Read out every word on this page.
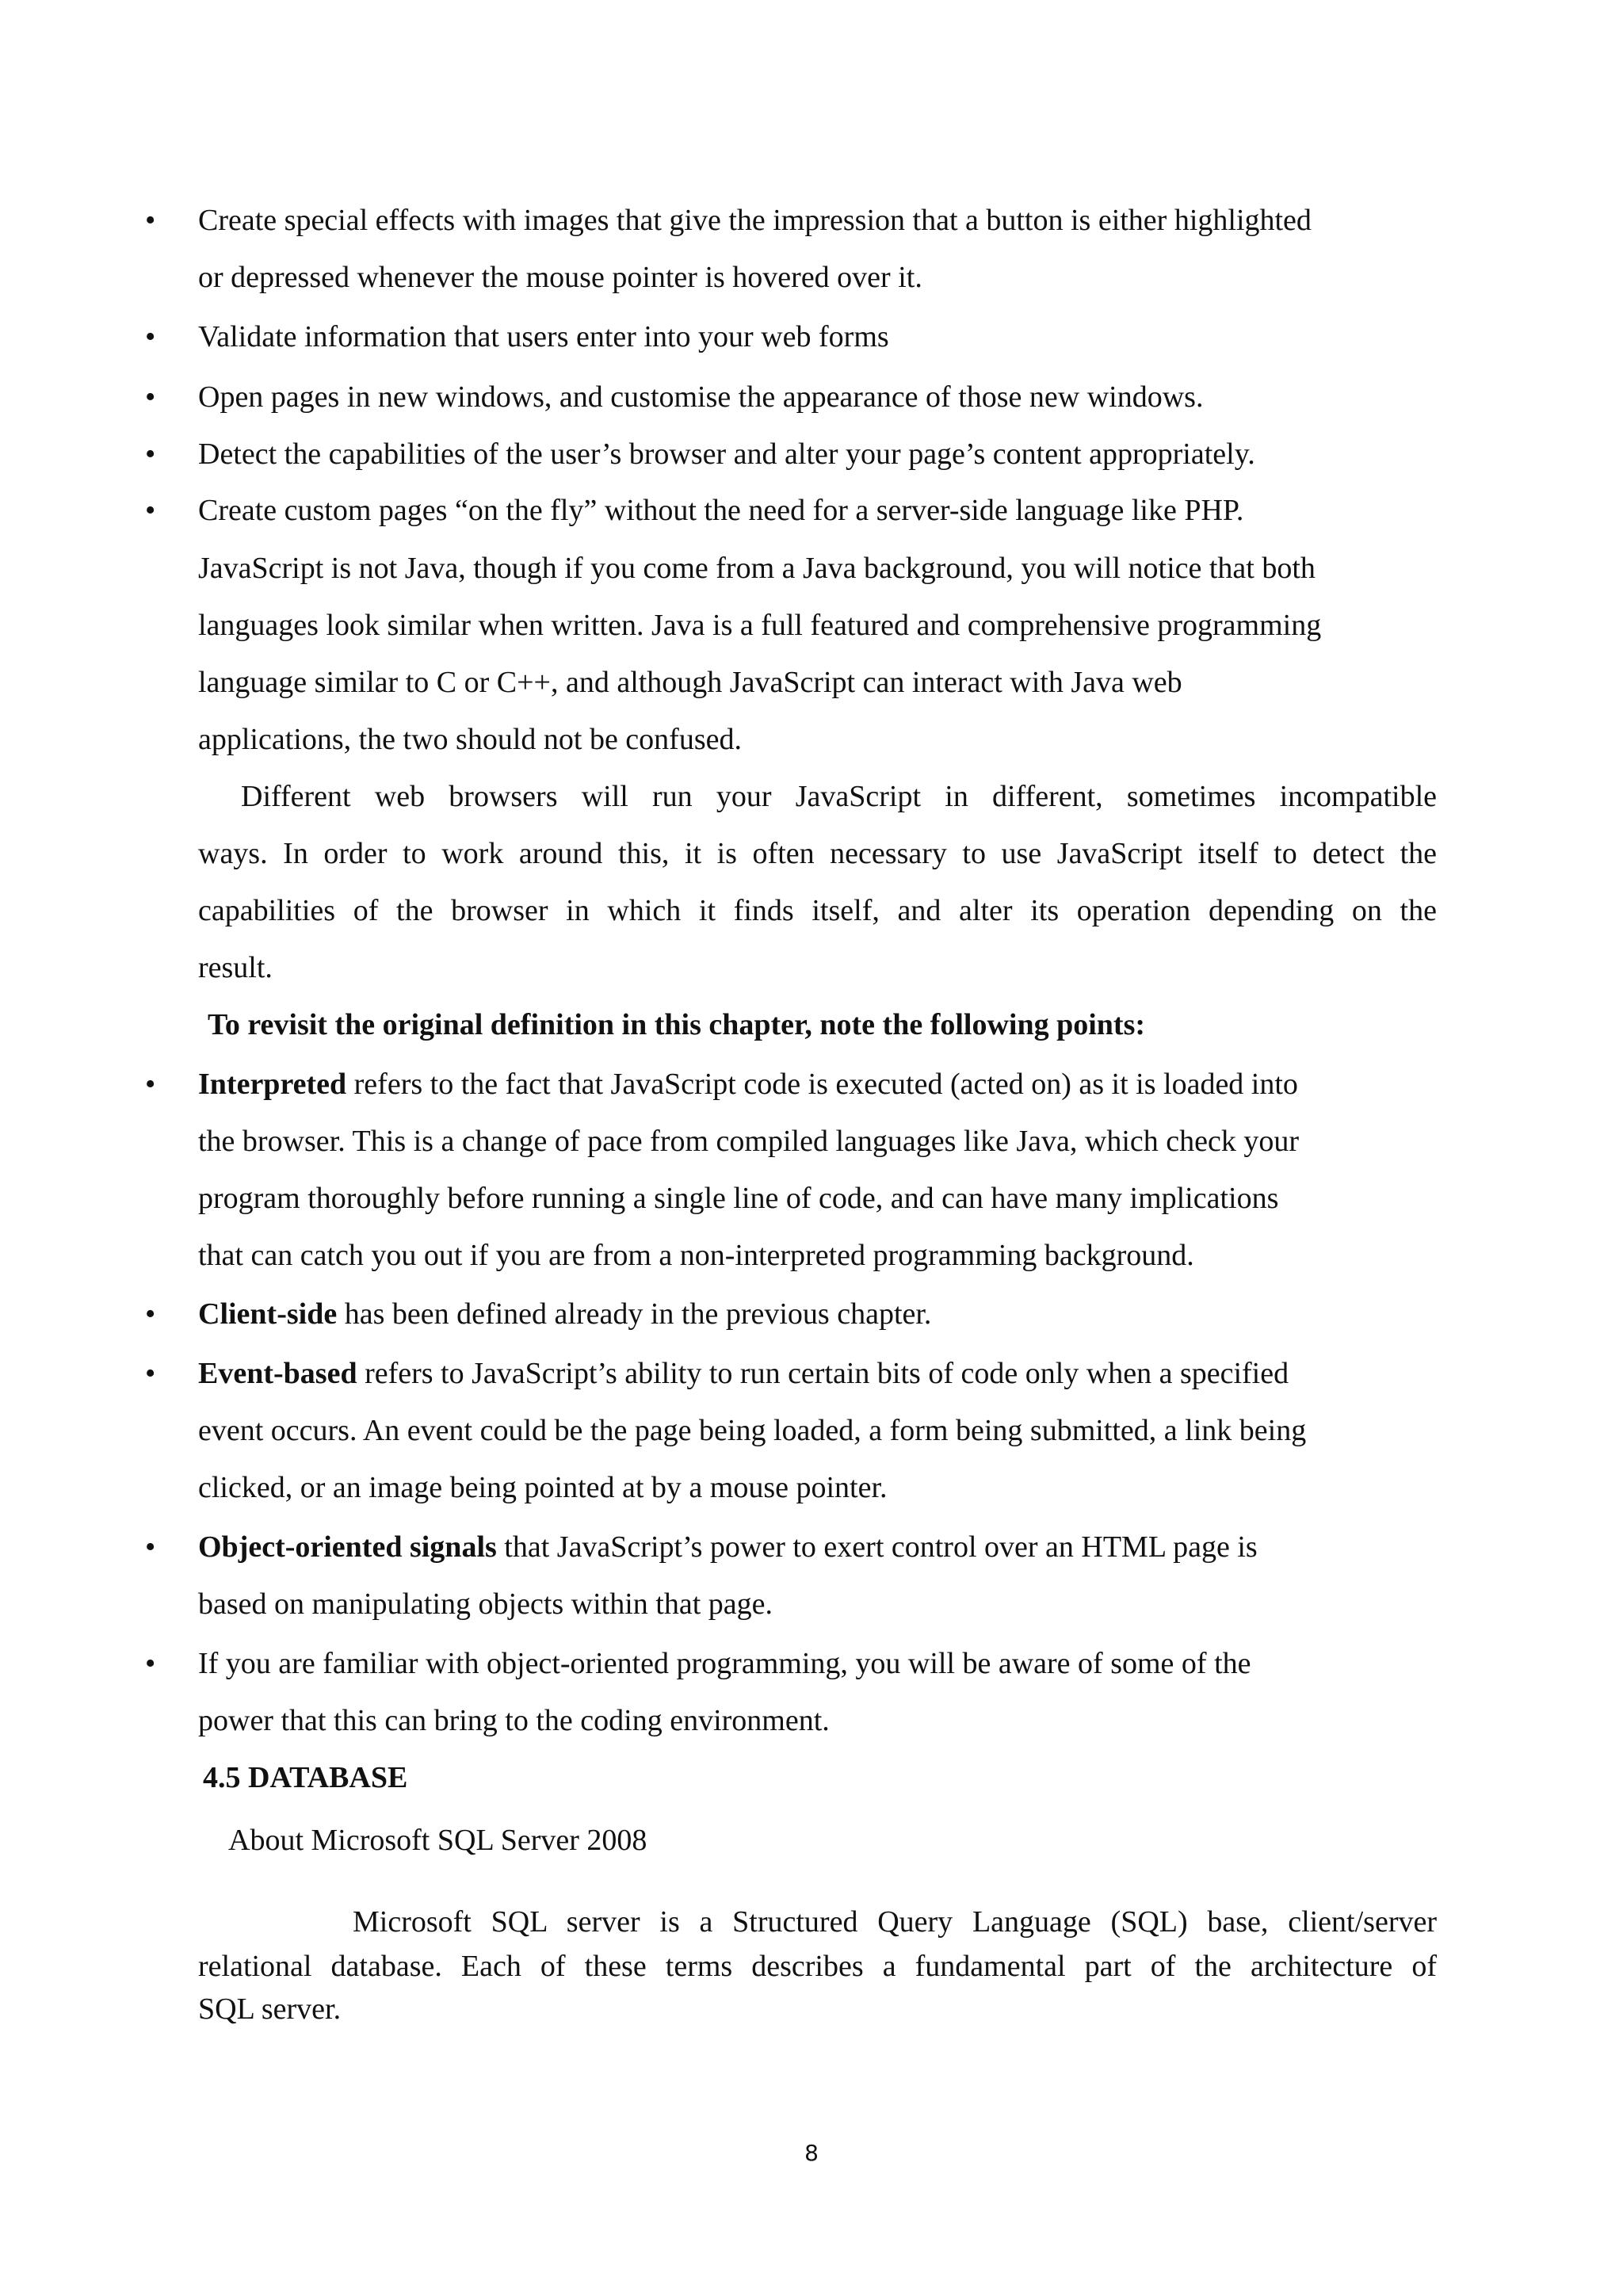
• Create special effects with images that give the impression that a button is either highlighted
or depressed whenever the mouse pointer is hovered over it.
• Validate information that users enter into your web forms
• Open pages in new windows, and customise the appearance of those new windows.
• Detect the capabilities of the user’s browser and alter your page’s content appropriately.
• Create custom pages “on the fly” without the need for a server-side language like PHP.
JavaScript is not Java, though if you come from a Java background, you will notice that both
languages look similar when written. Java is a full featured and comprehensive programming
language similar to C or C++, and although JavaScript can interact with Java web
applications, the two should not be confused.
Different web browsers will run your JavaScript in different, sometimes incompatible
ways. In order to work around this, it is often necessary to use JavaScript itself to detect the
capabilities of the browser in which it finds itself, and alter its operation depending on the
result.
To revisit the original definition in this chapter, note the following points:
• Interpreted refers to the fact that JavaScript code is executed (acted on) as it is loaded into
the browser. This is a change of pace from compiled languages like Java, which check your
program thoroughly before running a single line of code, and can have many implications
that can catch you out if you are from a non-interpreted programming background.
• Client-side has been defined already in the previous chapter.
• Event-based refers to JavaScript’s ability to run certain bits of code only when a specified
event occurs. An event could be the page being loaded, a form being submitted, a link being
clicked, or an image being pointed at by a mouse pointer.
• Object-oriented signals that JavaScript’s power to exert control over an HTML page is
based on manipulating objects within that page.
• If you are familiar with object-oriented programming, you will be aware of some of the
power that this can bring to the coding environment.
4.5 DATABASE
About Microsoft SQL Server 2008
Microsoft SQL server is a Structured Query Language (SQL) base, client/server
relational database. Each of these terms describes a fundamental part of the architecture of
SQL server.
8
